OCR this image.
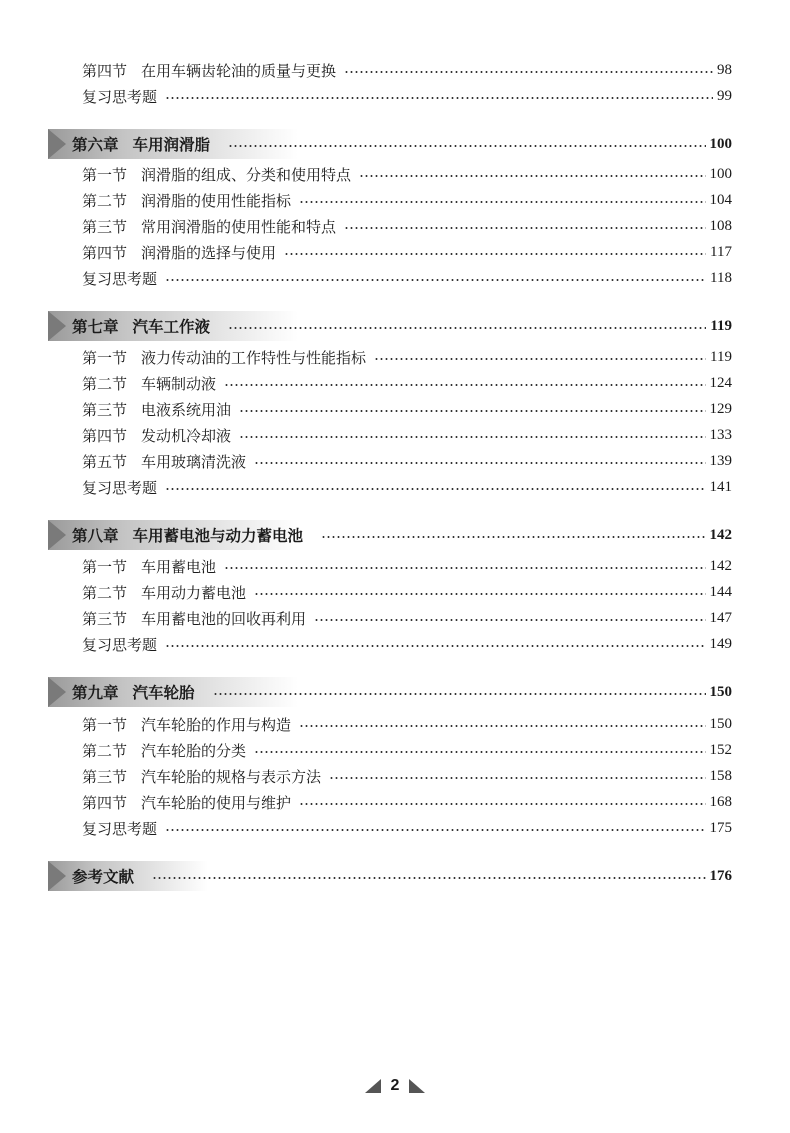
第四节 在用车辆齿轮油的质量与更换	98
复习思考题	99
第六章 车用润滑脂	100
第一节 润滑脂的组成、分类和使用特点	100
第二节 润滑脂的使用性能指标	104
第三节 常用润滑脂的使用性能和特点	108
第四节 润滑脂的选择与使用	117
复习思考题	118
第七章 汽车工作液	119
第一节 液力传动油的工作特性与性能指标	119
第二节 车辆制动液	124
第三节 电液系统用油	129
第四节 发动机冷却液	133
第五节 车用玻璃清洗液	139
复习思考题	141
第八章 车用蓄电池与动力蓄电池	142
第一节 车用蓄电池	142
第二节 车用动力蓄电池	144
第三节 车用蓄电池的回收再利用	147
复习思考题	149
第九章 汽车轮胎	150
第一节 汽车轮胎的作用与构造	150
第二节 汽车轮胎的分类	152
第三节 汽车轮胎的规格与表示方法	158
第四节 汽车轮胎的使用与维护	168
复习思考题	175
参考文献	176
2
